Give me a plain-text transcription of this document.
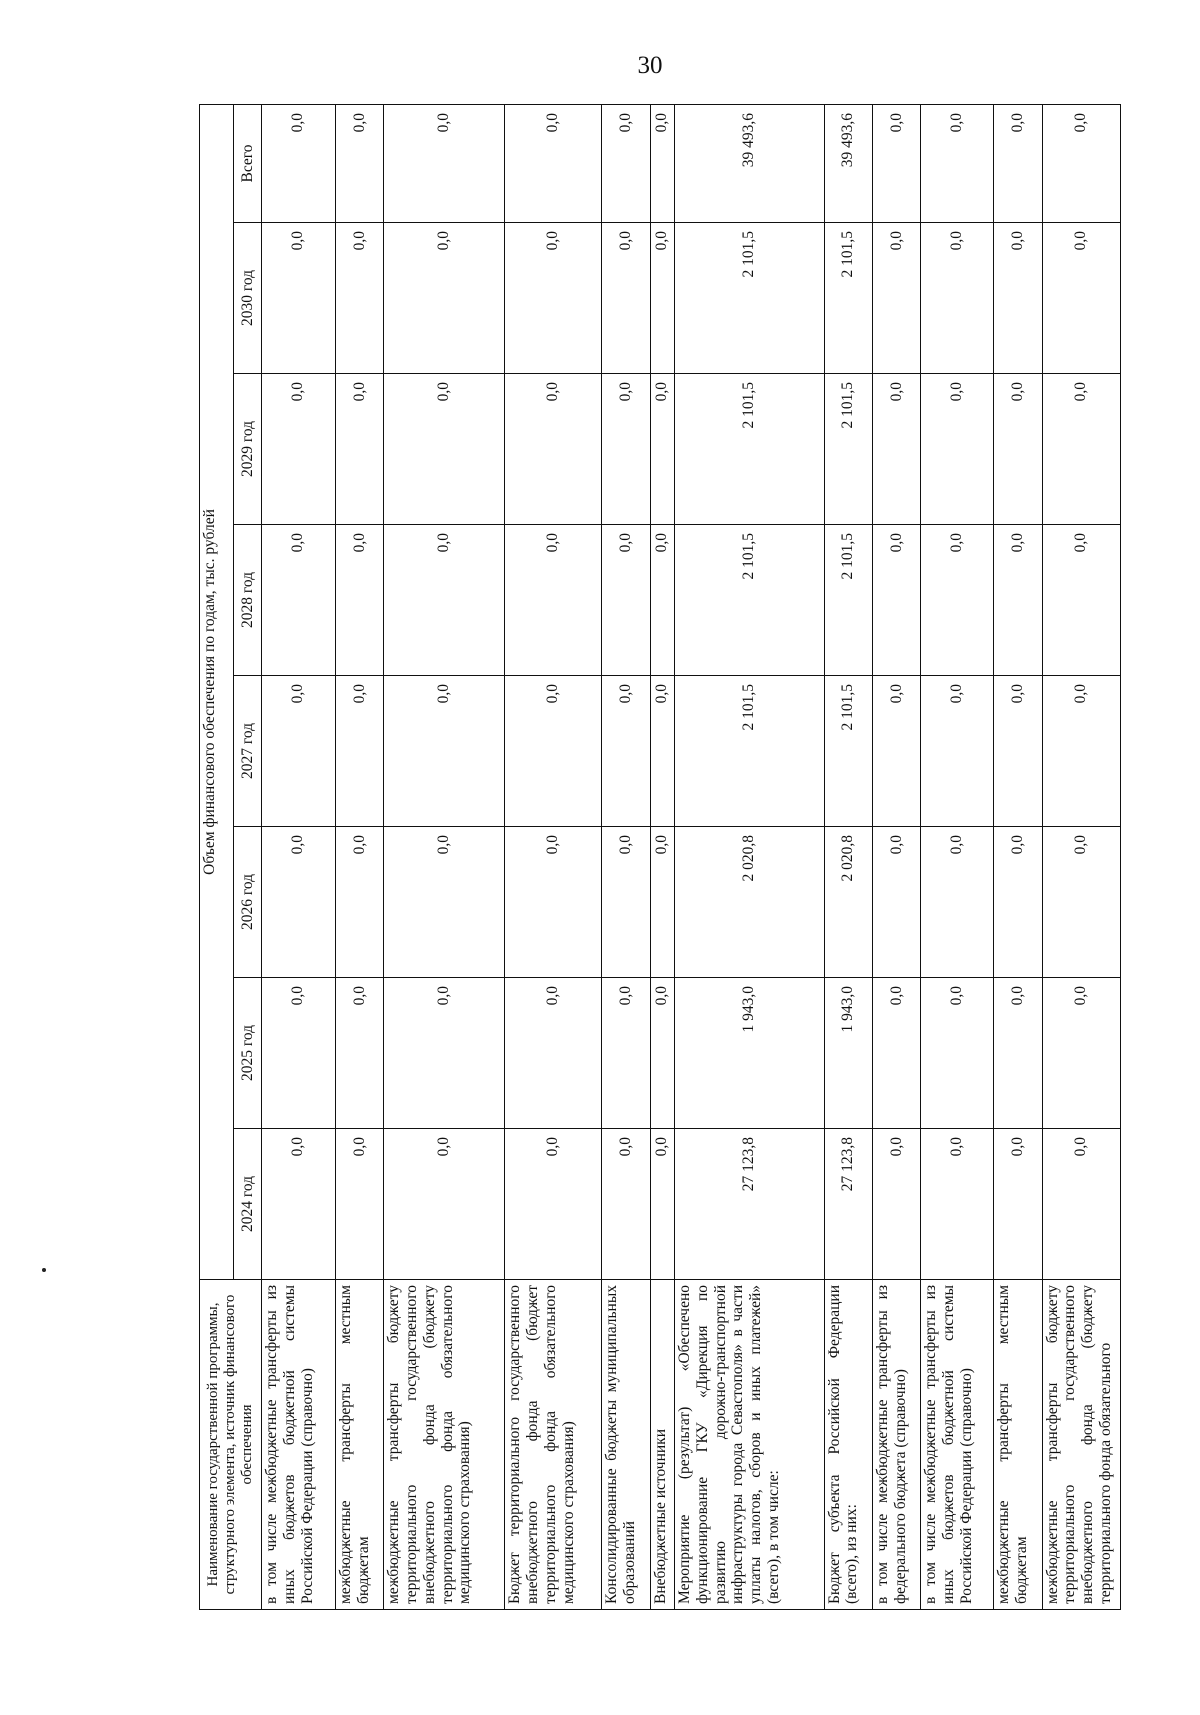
30
Наименование государственной программы, структурного элемента, источник финансового обеспечения	Объем финансового обеспечения по годам, тыс. рублей							
	2024 год	2025 год	2026 год	2027 год	2028 год	2029 год	2030 год	Всего
в том числе межбюджетные трансферты из иных бюджетов бюджетной системы Российской Федерации (справочно)	0,0	0,0	0,0	0,0	0,0	0,0	0,0	0,0
межбюджетные трансферты местным бюджетам	0,0	0,0	0,0	0,0	0,0	0,0	0,0	0,0
межбюджетные трансферты бюджету территориального государственного внебюджетного фонда (бюджету территориального фонда обязательного медицинского страхования)	0,0	0,0	0,0	0,0	0,0	0,0	0,0	0,0
Бюджет территориального государственного внебюджетного фонда (бюджет территориального фонда обязательного медицинского страхования)	0,0	0,0	0,0	0,0	0,0	0,0	0,0	0,0
Консолидированные бюджеты муниципальных образований	0,0	0,0	0,0	0,0	0,0	0,0	0,0	0,0
Внебюджетные источники	0,0	0,0	0,0	0,0	0,0	0,0	0,0	0,0
Мероприятие (результат) «Обеспечено функционирование ГКУ «Дирекция по развитию дорожно-транспортной инфраструктуры города Севастополя» в части уплаты налогов, сборов и иных платежей» (всего), в том числе:	27 123,8	1 943,0	2 020,8	2 101,5	2 101,5	2 101,5	2 101,5	39 493,6
Бюджет субъекта Российской Федерации (всего), из них:	27 123,8	1 943,0	2 020,8	2 101,5	2 101,5	2 101,5	2 101,5	39 493,6
в том числе межбюджетные трансферты из федерального бюджета (справочно)	0,0	0,0	0,0	0,0	0,0	0,0	0,0	0,0
в том числе межбюджетные трансферты из иных бюджетов бюджетной системы Российской Федерации (справочно)	0,0	0,0	0,0	0,0	0,0	0,0	0,0	0,0
межбюджетные трансферты местным бюджетам	0,0	0,0	0,0	0,0	0,0	0,0	0,0	0,0
межбюджетные трансферты бюджету территориального государственного внебюджетного фонда (бюджету территориального фонда обязательного	0,0	0,0	0,0	0,0	0,0	0,0	0,0	0,0
